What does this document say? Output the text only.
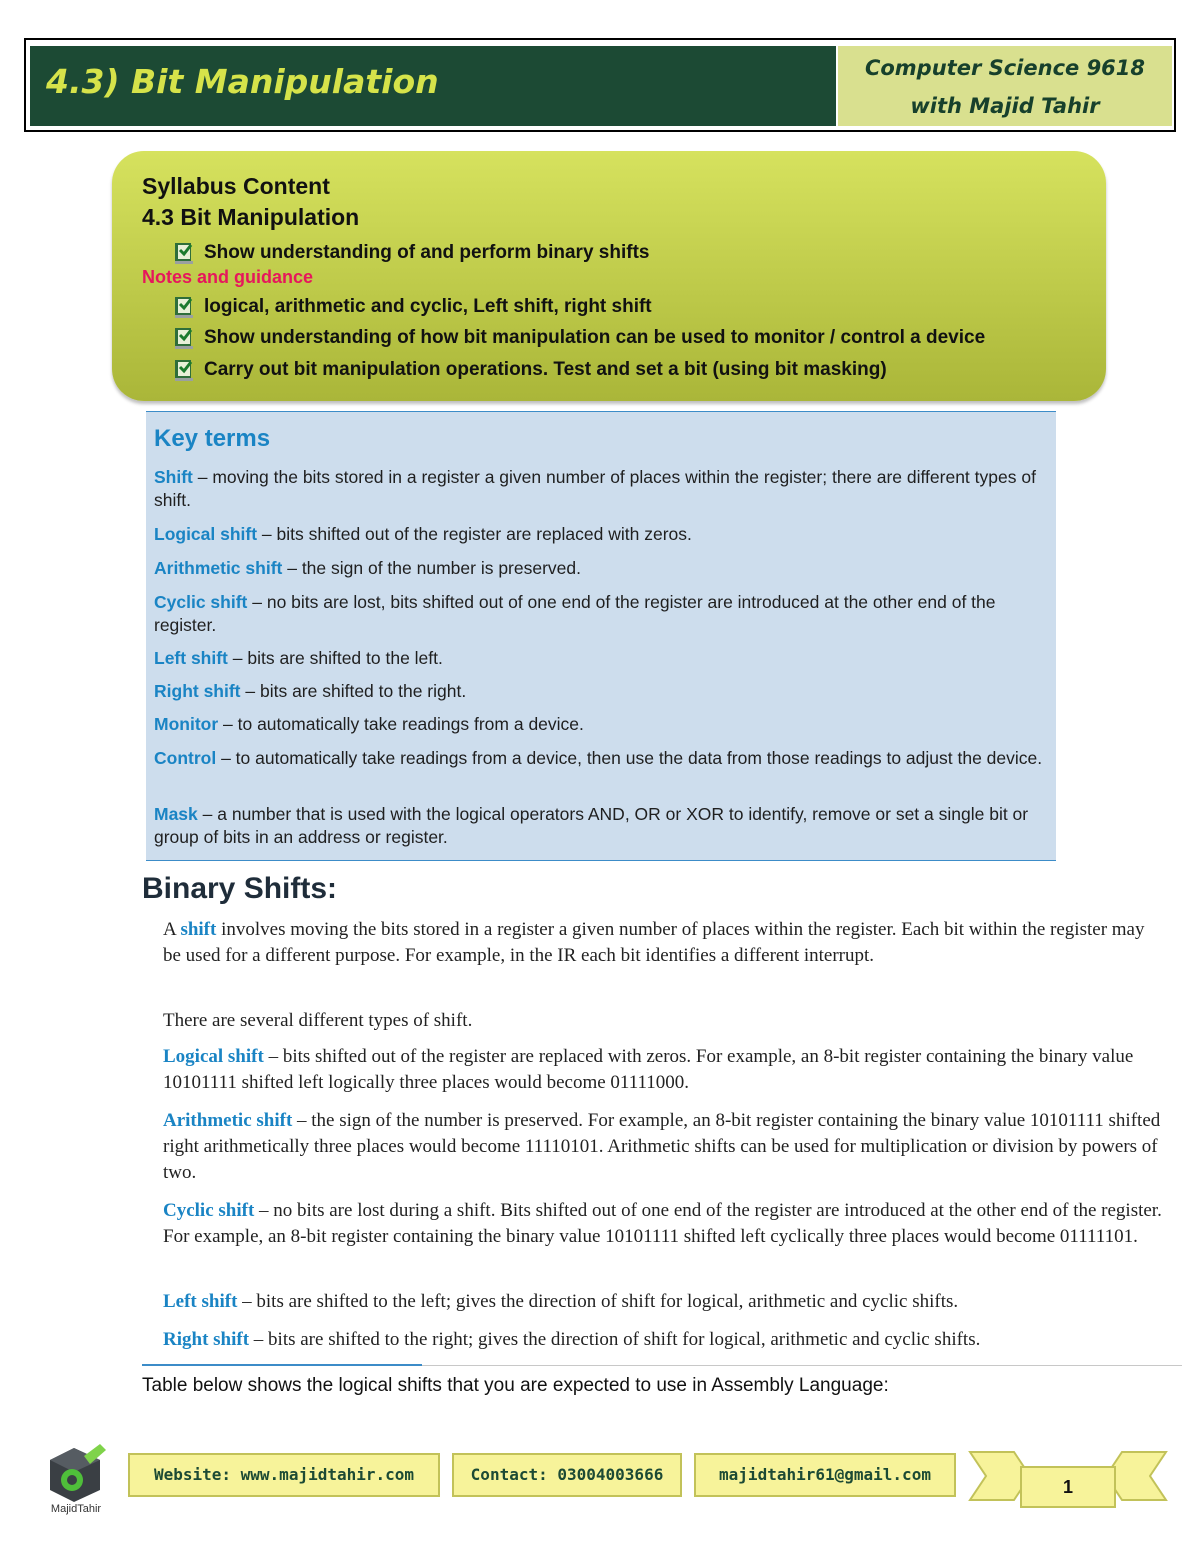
4.3) Bit Manipulation	Computer Science 9618
with Majid Tahir
Syllabus Content
4.3 Bit Manipulation
Show understanding of and perform binary shifts
Notes and guidance
logical, arithmetic and cyclic, Left shift, right shift
Show understanding of how bit manipulation can be used to monitor / control a device
Carry out bit manipulation operations. Test and set a bit (using bit masking)
Key terms
Shift – moving the bits stored in a register a given number of places within the register; there are different types of shift.
Logical shift – bits shifted out of the register are replaced with zeros.
Arithmetic shift – the sign of the number is preserved.
Cyclic shift – no bits are lost, bits shifted out of one end of the register are introduced at the other end of the register.
Left shift – bits are shifted to the left.
Right shift – bits are shifted to the right.
Monitor – to automatically take readings from a device.
Control – to automatically take readings from a device, then use the data from those readings to adjust the device.
Mask – a number that is used with the logical operators AND, OR or XOR to identify, remove or set a single bit or group of bits in an address or register.
Binary Shifts:
A shift involves moving the bits stored in a register a given number of places within the register. Each bit within the register may be used for a different purpose. For example, in the IR each bit identifies a different interrupt.
There are several different types of shift.
Logical shift – bits shifted out of the register are replaced with zeros. For example, an 8-bit register containing the binary value 10101111 shifted left logically three places would become 01111000.
Arithmetic shift – the sign of the number is preserved. For example, an 8-bit register containing the binary value 10101111 shifted right arithmetically three places would become 11110101. Arithmetic shifts can be used for multiplication or division by powers of two.
Cyclic shift – no bits are lost during a shift. Bits shifted out of one end of the register are introduced at the other end of the register. For example, an 8-bit register containing the binary value 10101111 shifted left cyclically three places would become 01111101.
Left shift – bits are shifted to the left; gives the direction of shift for logical, arithmetic and cyclic shifts.
Right shift – bits are shifted to the right; gives the direction of shift for logical, arithmetic and cyclic shifts.
Table below shows the logical shifts that you are expected to use in Assembly Language:
MajidTahir
Website: www.majidtahir.com	Contact: 03004003666	majidtahir61@gmail.com
1
